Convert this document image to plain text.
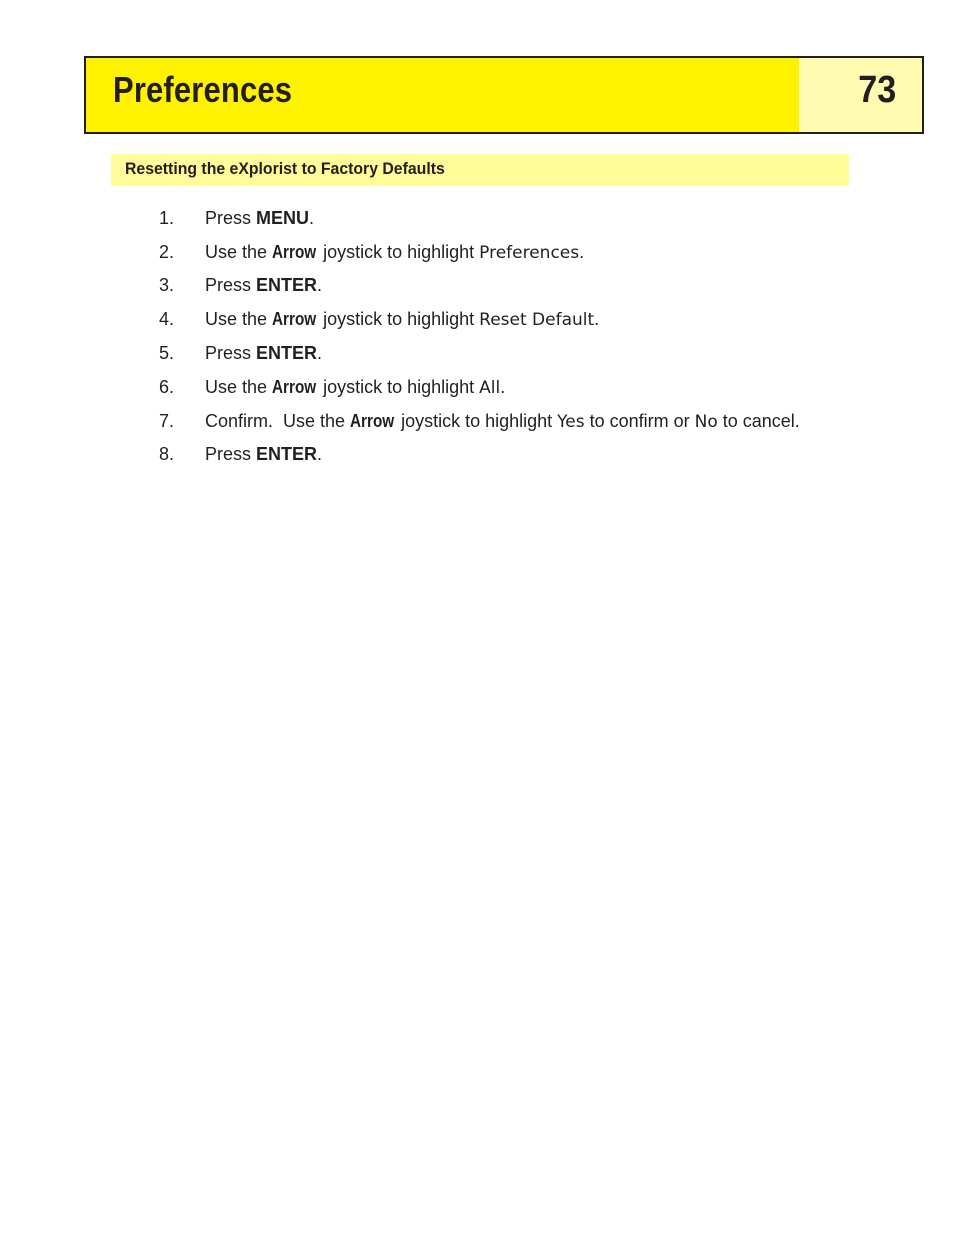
Preferences	73
Resetting the eXplorist to Factory Defaults
1.	Press MENU.
2.	Use the Arrow joystick to highlight Preferences.
3.	Press ENTER.
4.	Use the Arrow joystick to highlight Reset Default.
5.	Press ENTER.
6.	Use the Arrow joystick to highlight All.
7.	Confirm.  Use the Arrow joystick to highlight Yes to confirm or No to cancel.
8.	Press ENTER.
